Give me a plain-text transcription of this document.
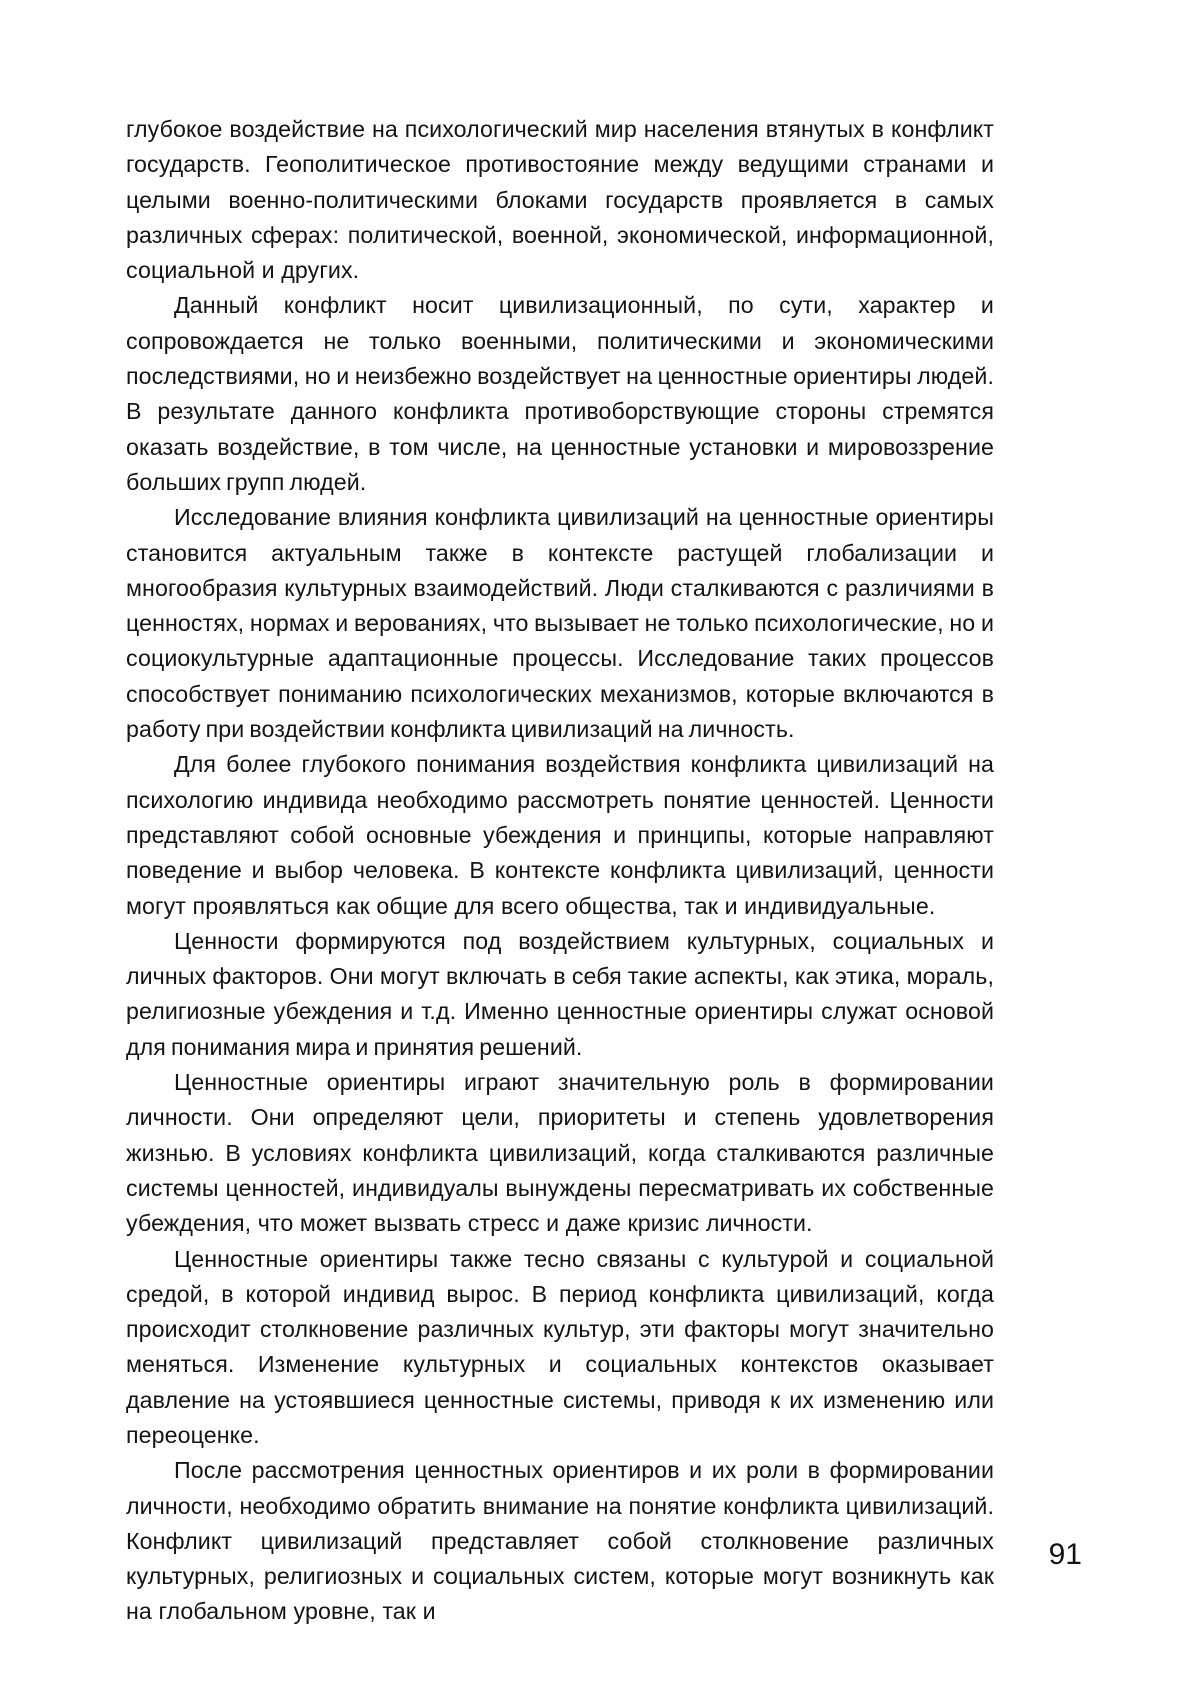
глубокое воздействие на психологический мир населения втянутых в конфликт государств. Геополитическое противостояние между ведущими странами и целыми военно-политическими блоками государств проявляется в самых различных сферах: политической, военной, экономической, информационной, социальной и других.

Данный конфликт носит цивилизационный, по сути, характер и сопровождается не только военными, политическими и экономическими последствиями, но и неизбежно воздействует на ценностные ориентиры людей. В результате данного конфликта противоборствующие стороны стремятся оказать воздействие, в том числе, на ценностные установки и мировоззрение больших групп людей.

Исследование влияния конфликта цивилизаций на ценностные ориентиры становится актуальным также в контексте растущей глобализации и многообразия культурных взаимодействий. Люди сталкиваются с различиями в ценностях, нормах и верованиях, что вызывает не только психологические, но и социокультурные адаптационные процессы. Исследование таких процессов способствует пониманию психологических механизмов, которые включаются в работу при воздействии конфликта цивилизаций на личность.

Для более глубокого понимания воздействия конфликта цивилизаций на психологию индивида необходимо рассмотреть понятие ценностей. Ценности представляют собой основные убеждения и принципы, которые направляют поведение и выбор человека. В контексте конфликта цивилизаций, ценности могут проявляться как общие для всего общества, так и индивидуальные.

Ценности формируются под воздействием культурных, социальных и личных факторов. Они могут включать в себя такие аспекты, как этика, мораль, религиозные убеждения и т.д. Именно ценностные ориентиры служат основой для понимания мира и принятия решений.

Ценностные ориентиры играют значительную роль в формировании личности. Они определяют цели, приоритеты и степень удовлетворения жизнью. В условиях конфликта цивилизаций, когда сталкиваются различные системы ценностей, индивидуалы вынуждены пересматривать их собственные убеждения, что может вызвать стресс и даже кризис личности.

Ценностные ориентиры также тесно связаны с культурой и социальной средой, в которой индивид вырос. В период конфликта цивилизаций, когда происходит столкновение различных культур, эти факторы могут значительно меняться. Изменение культурных и социальных контекстов оказывает давление на устоявшиеся ценностные системы, приводя к их изменению или переоценке.

После рассмотрения ценностных ориентиров и их роли в формировании личности, необходимо обратить внимание на понятие конфликта цивилизаций. Конфликт цивилизаций представляет собой столкновение различных культурных, религиозных и социальных систем, которые могут возникнуть как на глобальном уровне, так и

91
